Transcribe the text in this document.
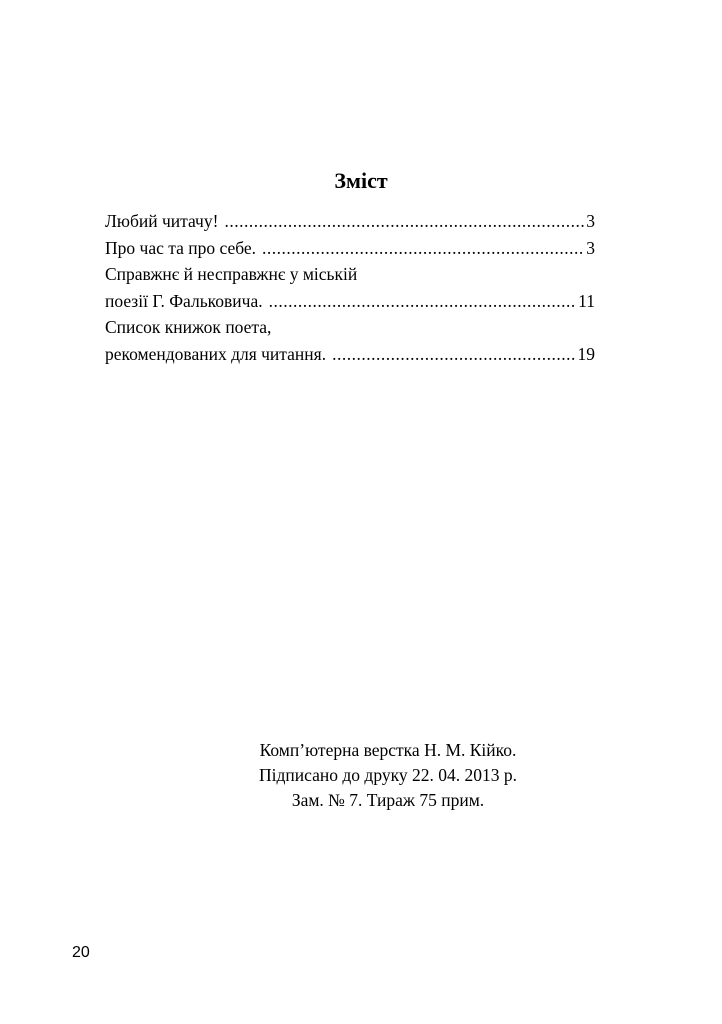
Зміст
Любий читачу! .....	3
Про час та про себе. .....	3
Справжнє й несправжнє у міській
поезії Г. Фальковича. .....	11
Список книжок поета,
рекомендованих для читання. .....	19
Комп’ютерна верстка Н. М. Кійко.
Підписано до друку 22. 04. 2013 р.
Зам. № 7. Тираж 75 прим.
20
